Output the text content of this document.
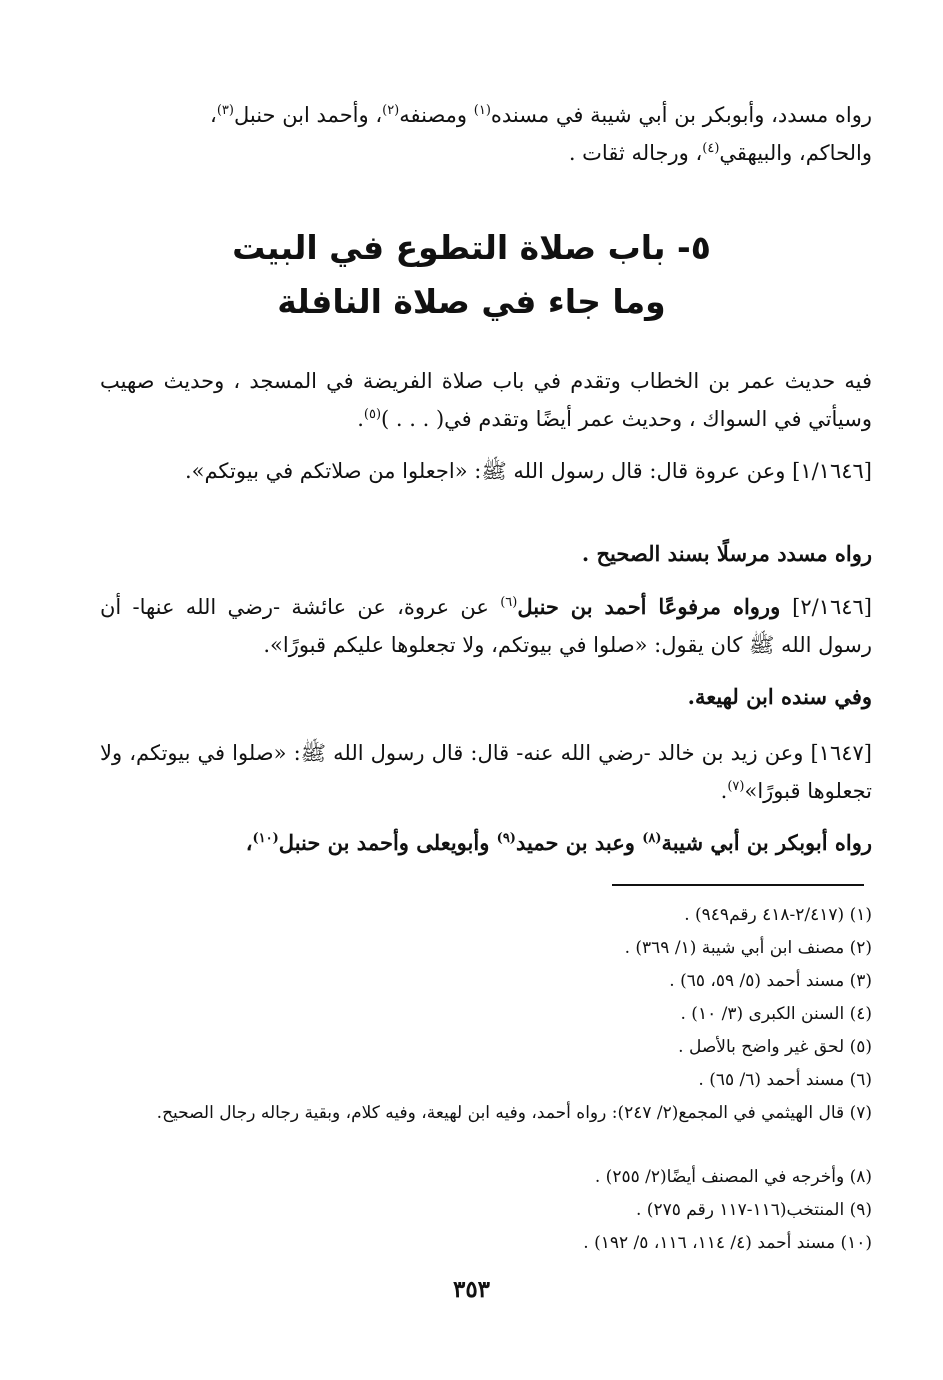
رواه مسدد، وأبوبكر بن أبي شيبة في مسنده$^{(١)}$ ومصنفه$^{(٢)}$، وأحمد ابن حنبل$^{(٣)}$،

والحاكم، والبيهقي$^{(٤)}$، ورجاله ثقات .

٥- باب صلاة التطوع في البيت
وما جاء في صلاة النافلة

فيه حديث عمر بن الخطاب وتقدم في باب صلاة الفريضة في المسجد ، وحديث صهيب وسيأتي في السواك ، وحديث عمر أيضًا وتقدم في( . . . )$^{(٥)}$.

[١/١٦٤٦] وعن عروة قال: قال رسول الله ﷺ: «اجعلوا من صلاتكم في بيوتكم».

رواه مسدد مرسلًا بسند الصحيح .

[٢/١٦٤٦] ورواه مرفوعًا أحمد بن حنبل$^{(٦)}$ عن عروة، عن عائشة -رضي الله عنها- أن رسول الله ﷺ كان يقول: «صلوا في بيوتكم، ولا تجعلوها عليكم قبورًا».

وفي سنده ابن لهيعة.

[١٦٤٧] وعن زيد بن خالد -رضي الله عنه- قال: قال رسول الله ﷺ: «صلوا في بيوتكم، ولا تجعلوها قبورًا»$^{(٧)}$.

رواه أبوبكر بن أبي شيبة$^{(٨)}$ وعبد بن حميد$^{(٩)}$ وأبويعلى وأحمد بن حنبل$^{(١٠)}$،

(١) (٢/٤١٧-٤١٨ رقم٩٤٩) .
(٢) مصنف ابن أبي شيبة (١/ ٣٦٩) .
(٣) مسند أحمد (٥/ ٥٩، ٦٥) .
(٤) السنن الكبرى (٣/ ١٠) .
(٥) لحق غير واضح بالأصل .
(٦) مسند أحمد (٦/ ٦٥) .
(٧) قال الهيثمي في المجمع(٢/ ٢٤٧): رواه أحمد، وفيه ابن لهيعة، وفيه كلام، وبقية رجاله رجال الصحيح.
(٨) وأخرجه في المصنف أيضًا(٢/ ٢٥٥) .
(٩) المنتخب(١١٦-١١٧ رقم ٢٧٥) .
(١٠) مسند أحمد (٤/ ١١٤، ١١٦، ٥/ ١٩٢) .
٣٥٣
